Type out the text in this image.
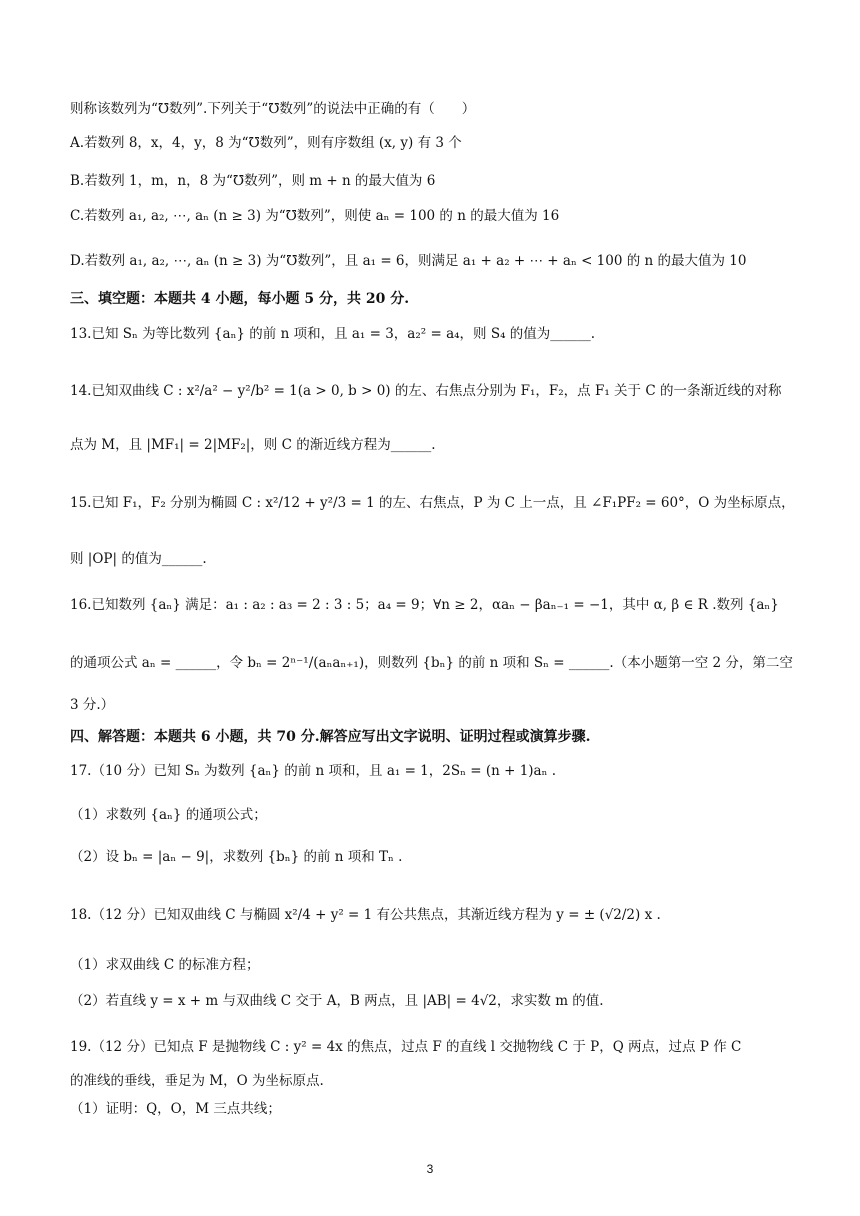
则称该数列为“℧数列”.下列关于“℧数列”的说法中正确的有（　　）
A.若数列 8，x，4，y，8 为“℧数列”，则有序数组 (x, y) 有 3 个
B.若数列 1，m，n，8 为“℧数列”，则 m + n 的最大值为 6
C.若数列 a₁, a₂, ⋯, aₙ (n ≥ 3) 为“℧数列”，则使 aₙ = 100 的 n 的最大值为 16
D.若数列 a₁, a₂, ⋯, aₙ (n ≥ 3) 为“℧数列”，且 a₁ = 6，则满足 a₁ + a₂ + ⋯ + aₙ < 100 的 n 的最大值为 10
三、填空题：本题共 4 小题，每小题 5 分，共 20 分.
13.已知 Sₙ 为等比数列 {aₙ} 的前 n 项和，且 a₁ = 3，a₂² = a₄，则 S₄ 的值为______.
14.已知双曲线 C : x²/a² − y²/b² = 1(a > 0, b > 0) 的左、右焦点分别为 F₁，F₂，点 F₁ 关于 C 的一条渐近线的对称
点为 M，且 |MF₁| = 2|MF₂|，则 C 的渐近线方程为______.
15.已知 F₁，F₂ 分别为椭圆 C : x²/12 + y²/3 = 1 的左、右焦点，P 为 C 上一点，且 ∠F₁PF₂ = 60°，O 为坐标原点，
则 |OP| 的值为______.
16.已知数列 {aₙ} 满足：a₁ : a₂ : a₃ = 2 : 3 : 5；a₄ = 9；∀n ≥ 2，αaₙ − βaₙ₋₁ = −1，其中 α, β ∈ R .数列 {aₙ}
的通项公式 aₙ = ______，令 bₙ = 2ⁿ⁻¹/(aₙaₙ₊₁)，则数列 {bₙ} 的前 n 项和 Sₙ = ______.（本小题第一空 2 分，第二空
3 分.）
四、解答题：本题共 6 小题，共 70 分.解答应写出文字说明、证明过程或演算步骤.
17.（10 分）已知 Sₙ 为数列 {aₙ} 的前 n 项和，且 a₁ = 1，2Sₙ = (n + 1)aₙ .
（1）求数列 {aₙ} 的通项公式；
（2）设 bₙ = |aₙ − 9|，求数列 {bₙ} 的前 n 项和 Tₙ .
18.（12 分）已知双曲线 C 与椭圆 x²/4 + y² = 1 有公共焦点，其渐近线方程为 y = ± (√2/2) x .
（1）求双曲线 C 的标准方程；
（2）若直线 y = x + m 与双曲线 C 交于 A，B 两点，且 |AB| = 4√2，求实数 m 的值.
19.（12 分）已知点 F 是抛物线 C : y² = 4x 的焦点，过点 F 的直线 l 交抛物线 C 于 P，Q 两点，过点 P 作 C
的准线的垂线，垂足为 M，O 为坐标原点.
（1）证明：Q，O，M 三点共线；
3
